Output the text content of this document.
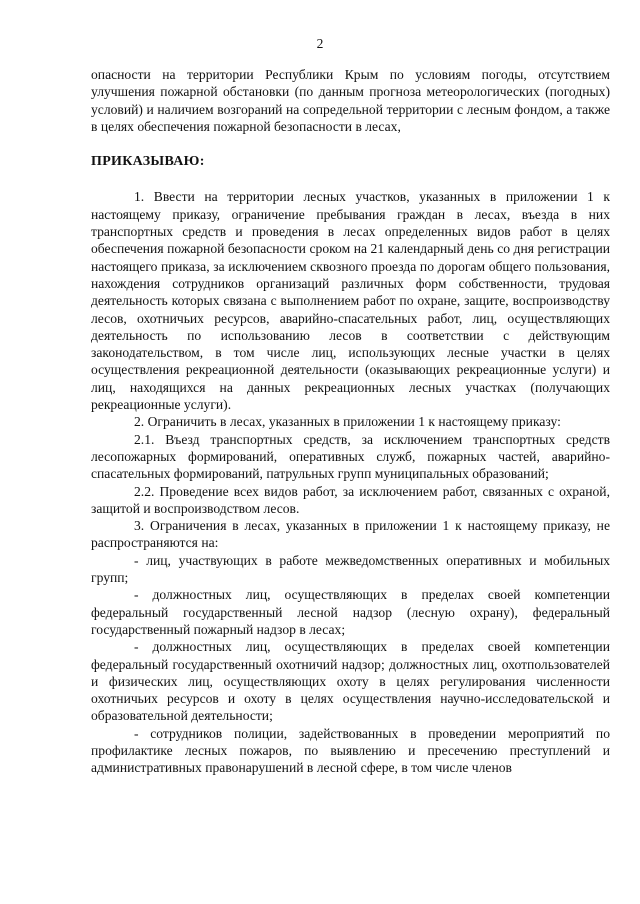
2

опасности на территории Республики Крым по условиям погоды, отсутствием улучшения пожарной обстановки (по данным прогноза метеорологических (погодных) условий) и наличием возгораний на сопредельной территории с лесным фондом, а также в целях обеспечения пожарной безопасности в лесах,

ПРИКАЗЫВАЮ:

1. Ввести на территории лесных участков, указанных в приложении 1 к настоящему приказу, ограничение пребывания граждан в лесах, въезда в них транспортных средств и проведения в лесах определенных видов работ в целях обеспечения пожарной безопасности сроком на 21 календарный день со дня регистрации настоящего приказа, за исключением сквозного проезда по дорогам общего пользования, нахождения сотрудников организаций различных форм собственности, трудовая деятельность которых связана с выполнением работ по охране, защите, воспроизводству лесов, охотничьих ресурсов, аварийно-спасательных работ, лиц, осуществляющих деятельность по использованию лесов в соответствии с действующим законодательством, в том числе лиц, использующих лесные участки в целях осуществления рекреационной деятельности (оказывающих рекреационные услуги) и лиц, находящихся на данных рекреационных лесных участках (получающих рекреационные услуги).

2. Ограничить в лесах, указанных в приложении 1 к настоящему приказу:

2.1. Въезд транспортных средств, за исключением транспортных средств лесопожарных формирований, оперативных служб, пожарных частей, аварийно- спасательных формирований, патрульных групп муниципальных образований;

2.2. Проведение всех видов работ, за исключением работ, связанных с охраной, защитой и воспроизводством лесов.

3. Ограничения в лесах, указанных в приложении 1 к настоящему приказу, не распространяются на:

- лиц, участвующих в работе межведомственных оперативных и мобильных групп;

- должностных лиц, осуществляющих в пределах своей компетенции федеральный государственный лесной надзор (лесную охрану), федеральный государственный пожарный надзор в лесах;

- должностных лиц, осуществляющих в пределах своей компетенции федеральный государственный охотничий надзор; должностных лиц, охотпользователей и физических лиц, осуществляющих охоту в целях регулирования численности охотничьих ресурсов и охоту в целях осуществления научно-исследовательской и образовательной деятельности;

- сотрудников полиции, задействованных в проведении мероприятий по профилактике лесных пожаров, по выявлению и пресечению преступлений и административных правонарушений в лесной сфере, в том числе членов
